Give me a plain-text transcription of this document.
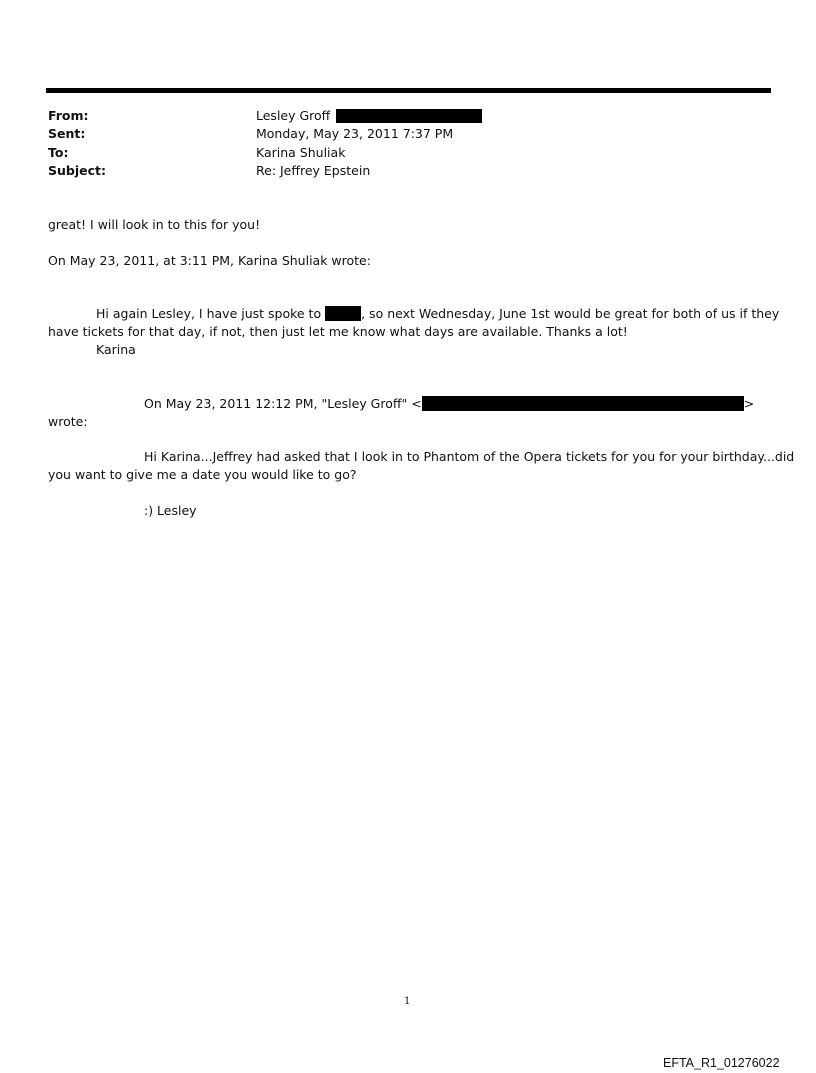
From:	Lesley Groff
Sent:	Monday, May 23, 2011 7:37 PM
To:	Karina Shuliak
Subject:	Re: Jeffrey Epstein
great! I will look in to this for you!
On May 23, 2011, at 3:11 PM, Karina Shuliak wrote:
Hi again Lesley, I have just spoke to	, so next Wednesday, June 1st would be great for both of us if they
have tickets for that day, if not, then just let me know what days are available. Thanks a lot!
Karina
On May 23, 2011 12:12 PM, "Lesley Groff" <	>
wrote:
Hi Karina...Jeffrey had asked that I look in to Phantom of the Opera tickets for you for your birthday...did
you want to give me a date you would like to go?
:) Lesley
1
EFTA_R1_01276022
